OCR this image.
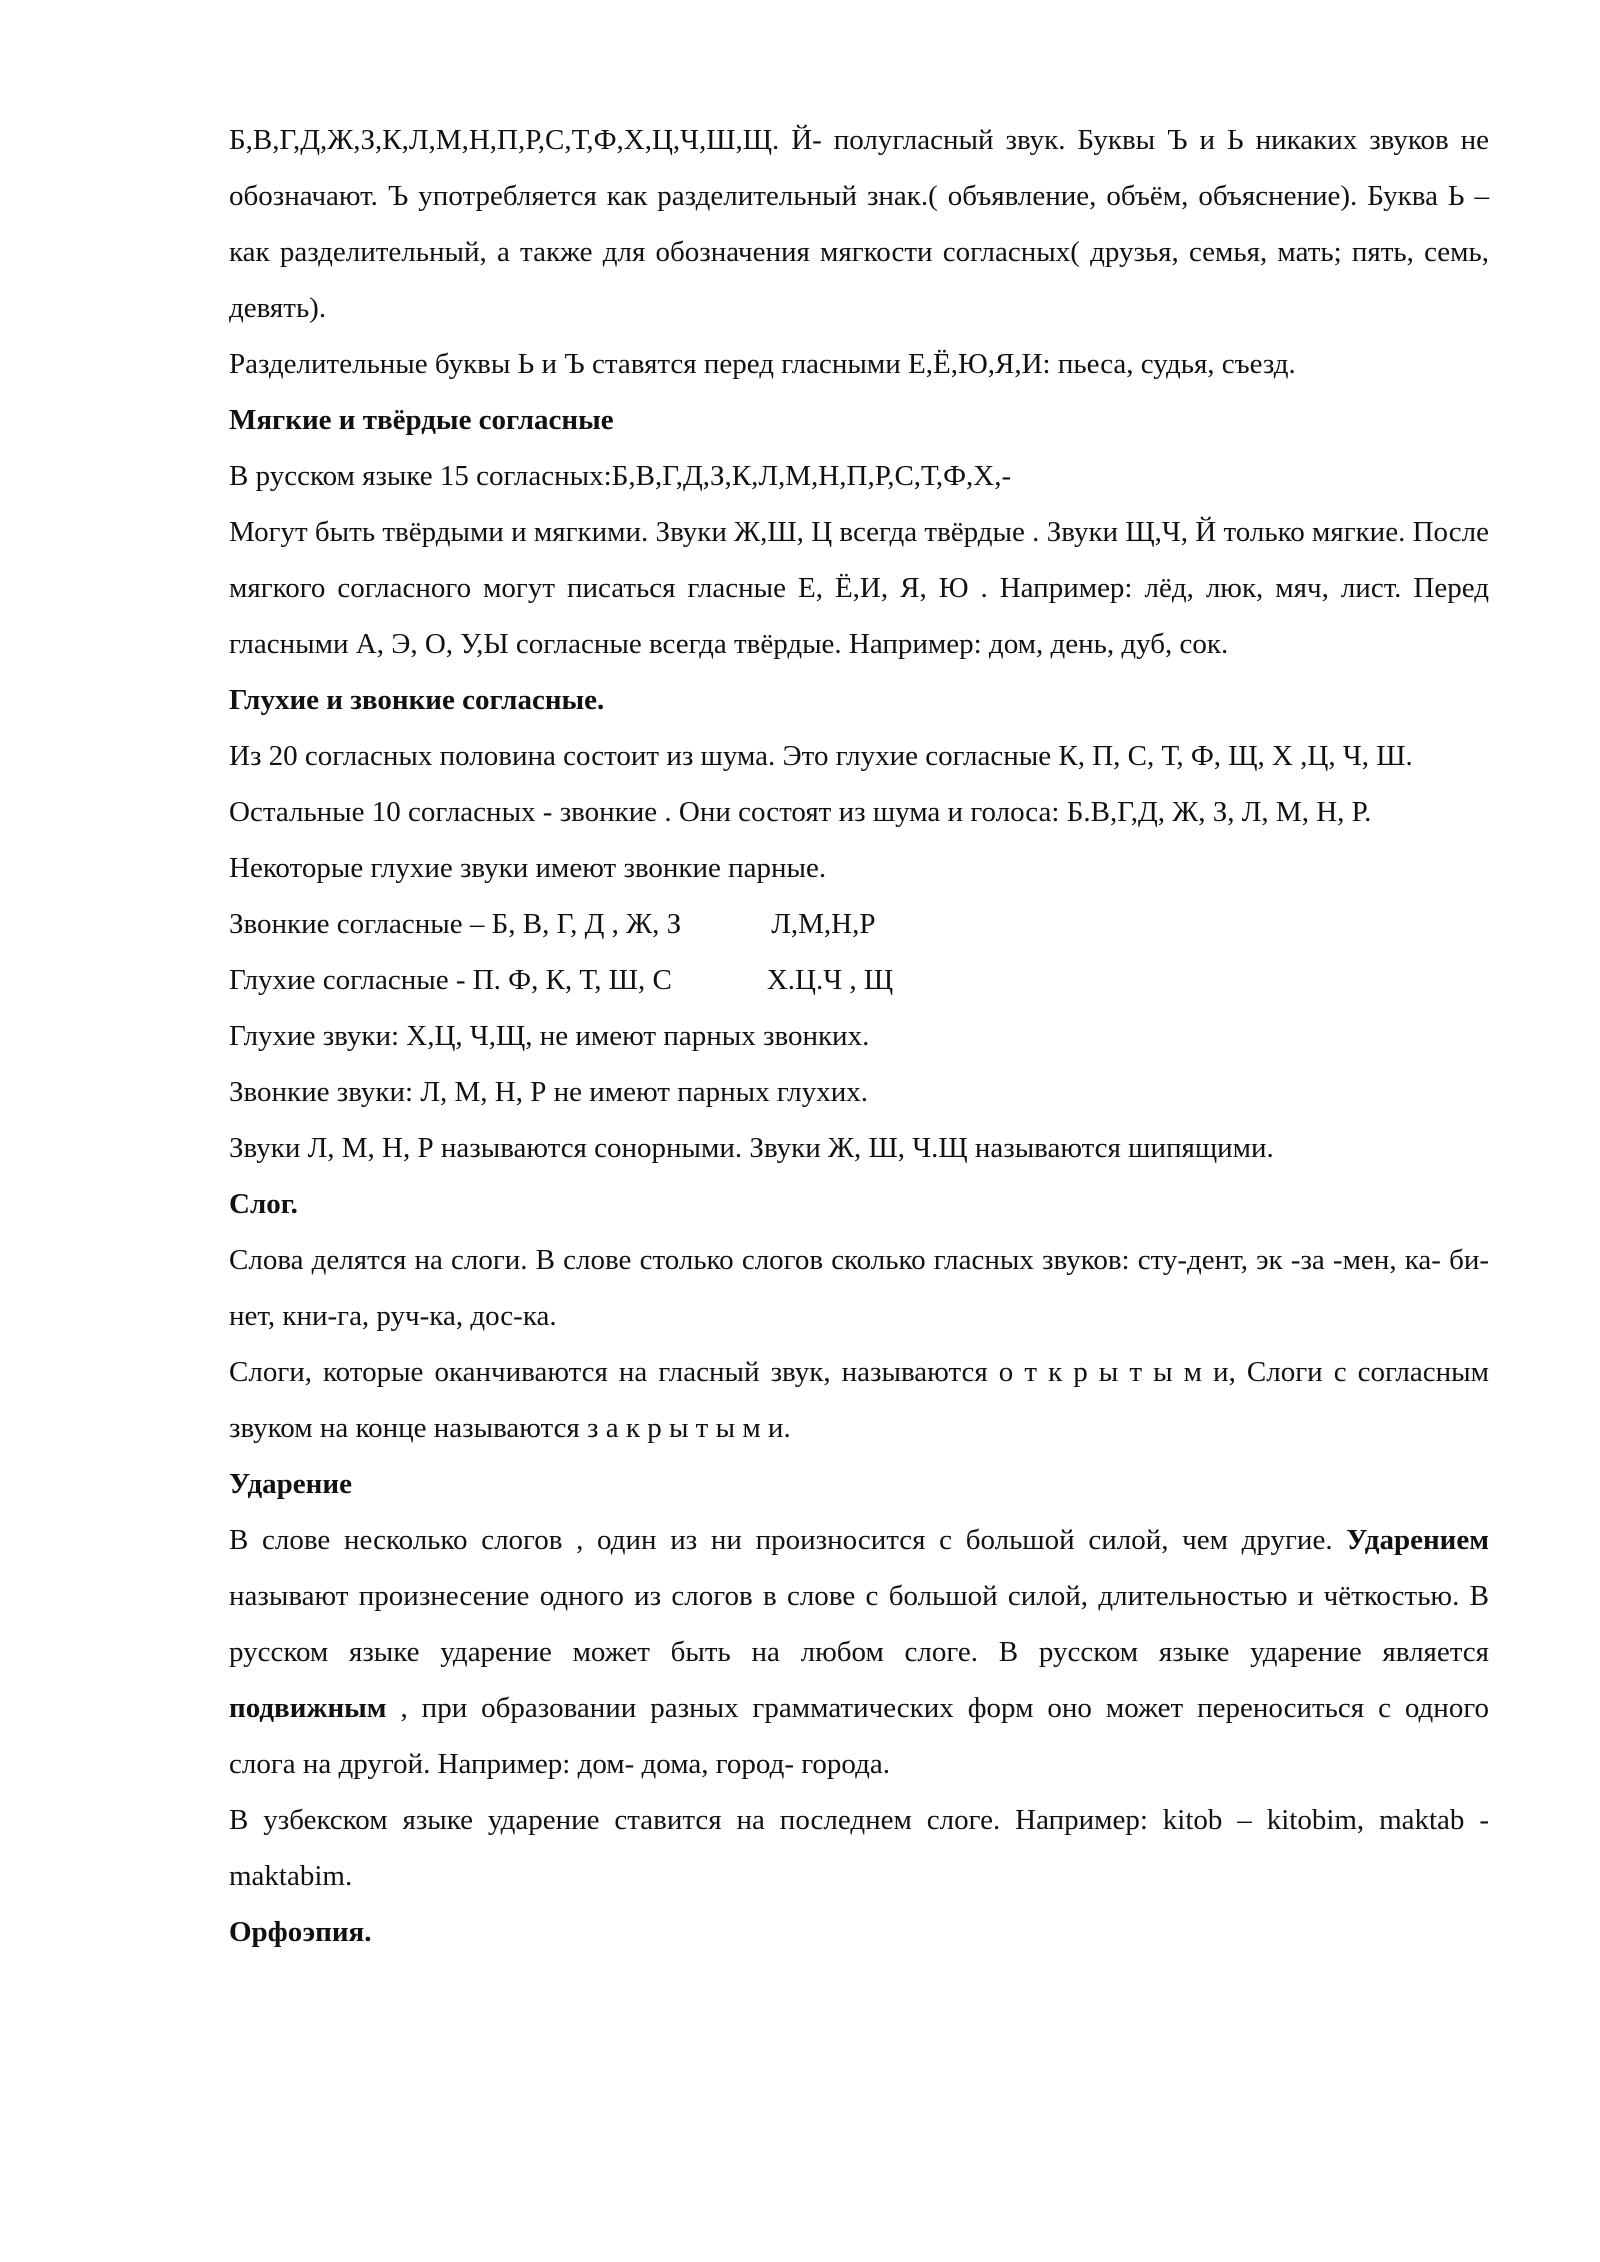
Б,В,Г,Д,Ж,З,К,Л,М,Н,П,Р,С,Т,Ф,Х,Ц,Ч,Ш,Щ. Й- полугласный звук. Буквы Ъ и Ь никаких звуков не обозначают. Ъ употребляется как разделительный знак.( объявление, объём, объяснение). Буква Ь – как разделительный, а также для обозначения мягкости согласных( друзья, семья, мать; пять, семь, девять).

Разделительные буквы Ь и Ъ ставятся перед гласными Е,Ё,Ю,Я,И: пьеса, судья, съезд.

Мягкие и твёрдые согласные

В русском языке 15 согласных:Б,В,Г,Д,З,К,Л,М,Н,П,Р,С,Т,Ф,Х,-

Могут быть твёрдыми и мягкими. Звуки Ж,Ш, Ц всегда твёрдые . Звуки Щ,Ч, Й только мягкие. После мягкого согласного могут писаться гласные Е, Ё,И, Я, Ю . Например: лёд, люк, мяч, лист. Перед гласными А, Э, О, У,Ы согласные всегда твёрдые. Например: дом, день, дуб, сок.

Глухие и звонкие согласные.

Из 20 согласных половина состоит из шума. Это глухие согласные К, П, С, Т, Ф, Щ, Х ,Ц, Ч, Ш.

Остальные 10 согласных - звонкие . Они состоят из шума и голоса: Б.В,Г,Д, Ж, З, Л, М, Н, Р.

Некоторые глухие звуки имеют звонкие парные.

Звонкие согласные – Б, В, Г, Д , Ж, З	Л,М,Н,Р

Глухие согласные - П. Ф, К, Т, Ш, С	Х.Ц.Ч , Щ

Глухие звуки: Х,Ц, Ч,Щ, не имеют парных звонких.

Звонкие звуки: Л, М, Н, Р не имеют парных глухих.

Звуки Л, М, Н, Р называются сонорными. Звуки Ж, Ш, Ч.Щ называются шипящими.

Слог.

Слова делятся на слоги. В слове столько слогов сколько гласных звуков: сту-дент, эк -за -мен, ка- би-нет, кни-га, руч-ка, дос-ка.

Слоги, которые оканчиваются на гласный звук, называются о т к р ы т ы м и, Слоги с согласным звуком на конце называются з а к р ы т ы м и.

Ударение

В слове несколько слогов , один из ни произносится с большой силой, чем другие. Ударением называют произнесение одного из слогов в слове с большой силой, длительностью и чёткостью. В русском языке ударение может быть на любом слоге. В русском языке ударение является подвижным , при образовании разных грамматических форм оно может переноситься с одного слога на другой. Например: дом- дома, город- города.

В узбекском языке ударение ставится на последнем слоге. Например: kitob – kitobim, maktab - maktabim.

Орфоэпия.
